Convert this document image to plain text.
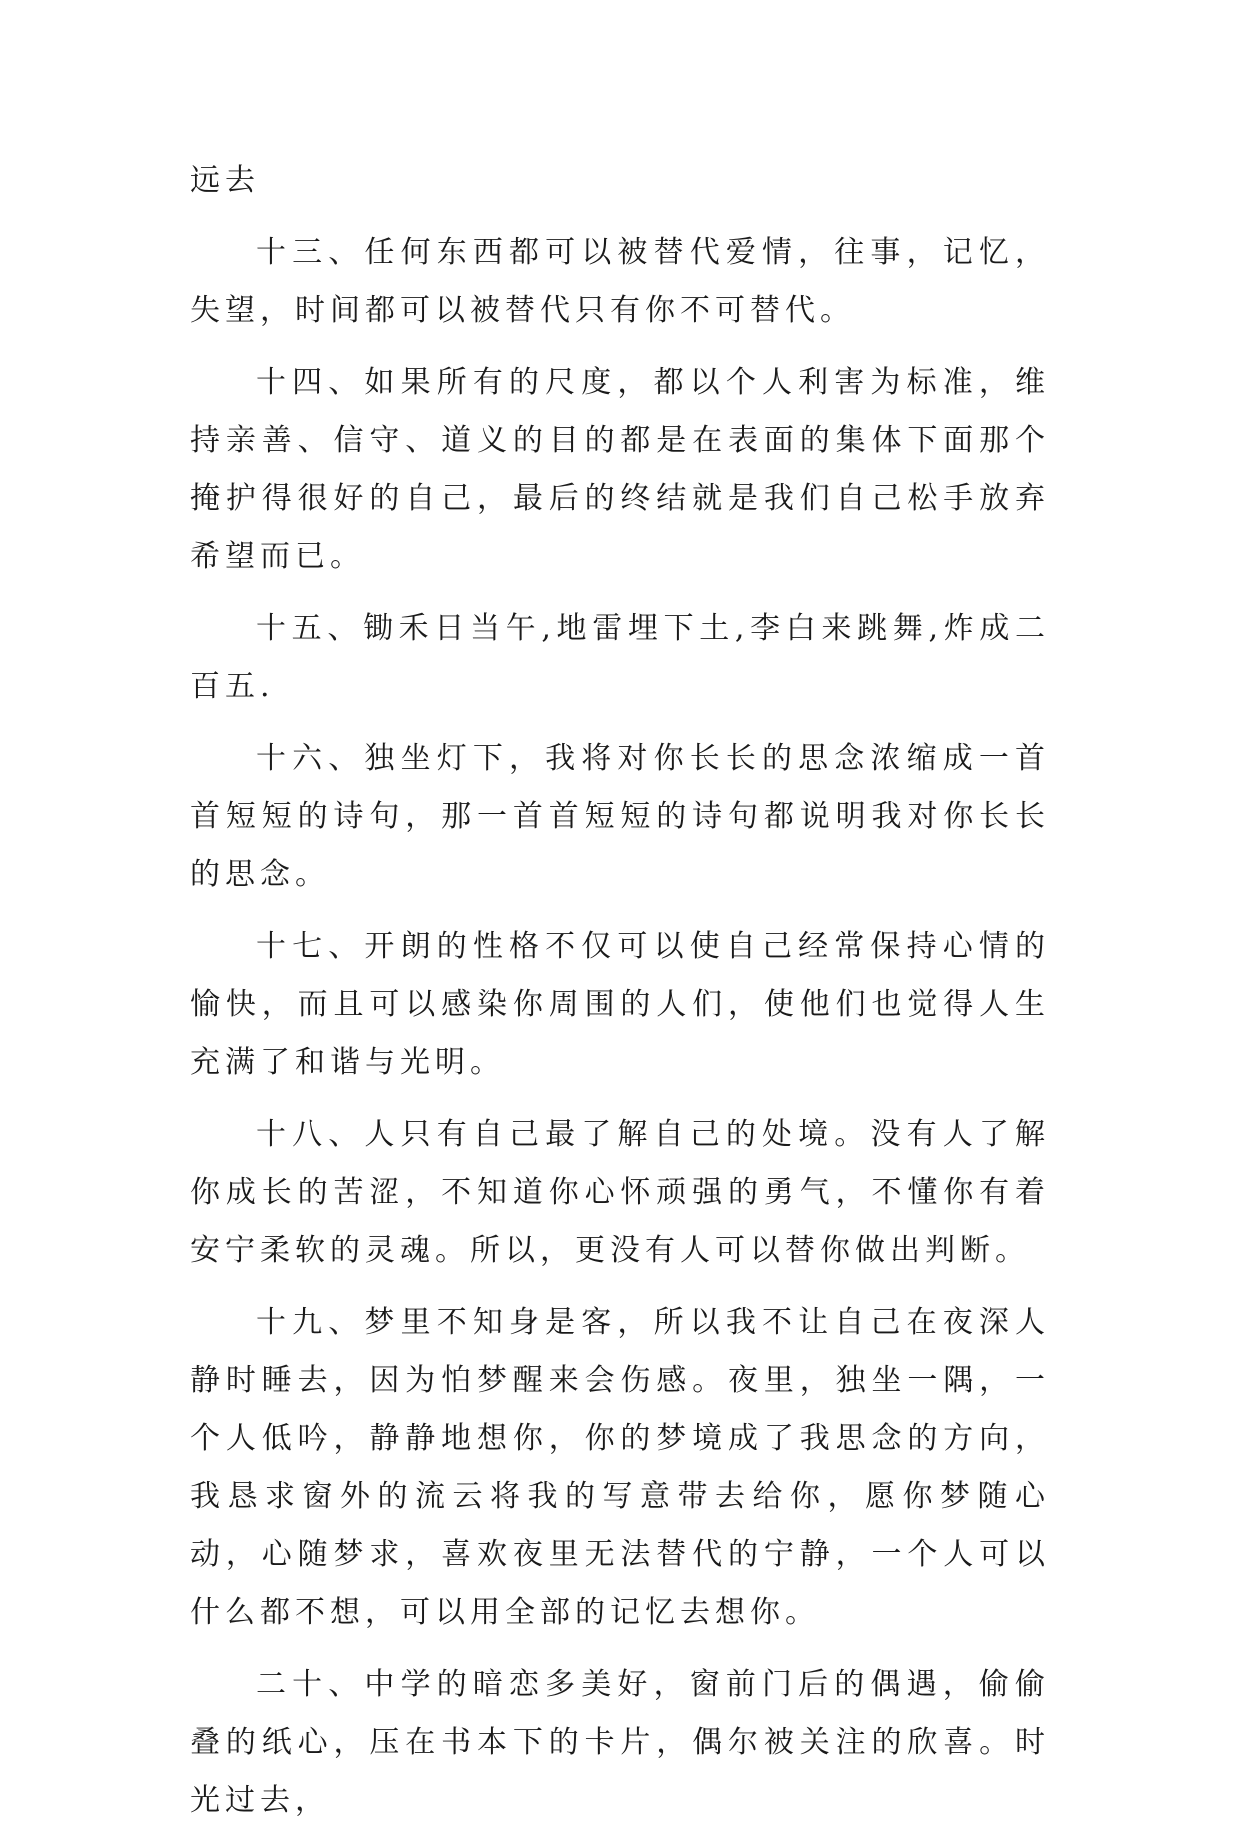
远去

十三、任何东西都可以被替代爱情，往事，记忆，失望，时间都可以被替代只有你不可替代。

十四、如果所有的尺度，都以个人利害为标准，维持亲善、信守、道义的目的都是在表面的集体下面那个掩护得很好的自己，最后的终结就是我们自己松手放弃希望而已。

十五、锄禾日当午,地雷埋下土,李白来跳舞,炸成二百五.

十六、独坐灯下，我将对你长长的思念浓缩成一首首短短的诗句，那一首首短短的诗句都说明我对你长长的思念。

十七、开朗的性格不仅可以使自己经常保持心情的愉快，而且可以感染你周围的人们，使他们也觉得人生充满了和谐与光明。

十八、人只有自己最了解自己的处境。没有人了解你成长的苦涩，不知道你心怀顽强的勇气，不懂你有着安宁柔软的灵魂。所以，更没有人可以替你做出判断。

十九、梦里不知身是客，所以我不让自己在夜深人静时睡去，因为怕梦醒来会伤感。夜里，独坐一隅，一个人低吟，静静地想你，你的梦境成了我思念的方向，我恳求窗外的流云将我的写意带去给你，愿你梦随心动，心随梦求，喜欢夜里无法替代的宁静，一个人可以什么都不想，可以用全部的记忆去想你。

二十、中学的暗恋多美好，窗前门后的偶遇，偷偷叠的纸心，压在书本下的卡片，偶尔被关注的欣喜。时光过去，
